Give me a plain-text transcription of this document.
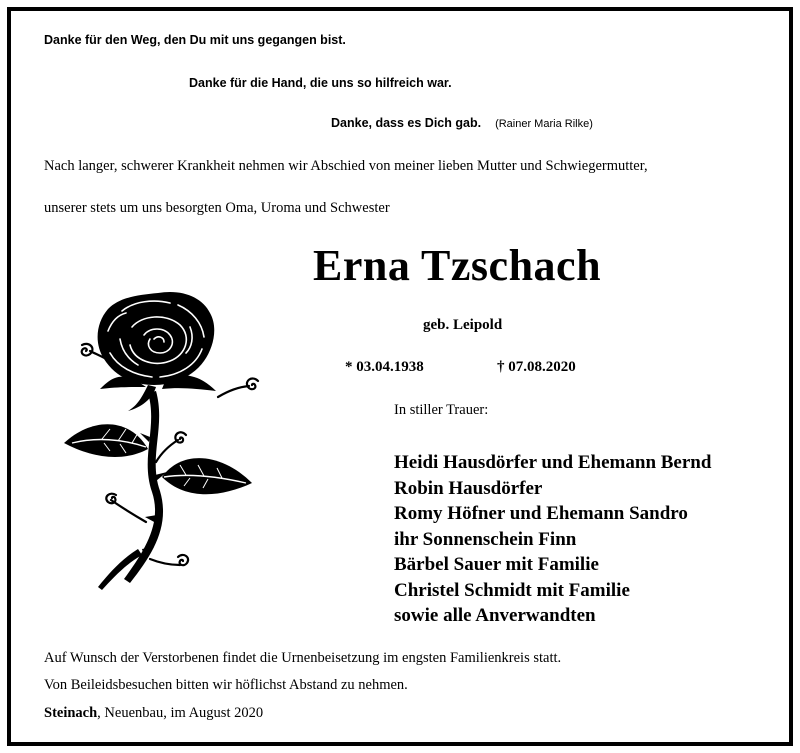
Danke für den Weg, den Du mit uns gegangen bist.
Danke für die Hand, die uns so hilfreich war.
Danke, dass es Dich gab. (Rainer Maria Rilke)
Nach langer, schwerer Krankheit nehmen wir Abschied von meiner lieben Mutter und Schwiegermutter,
unserer stets um uns besorgten Oma, Uroma und Schwester
Erna Tzschach
geb. Leipold
* 03.04.1938	† 07.08.2020
In stiller Trauer:
Heidi Hausdörfer und Ehemann Bernd
Robin Hausdörfer
Romy Höfner und Ehemann Sandro
ihr Sonnenschein Finn
Bärbel Sauer mit Familie
Christel Schmidt mit Familie
sowie alle Anverwandten
Auf Wunsch der Verstorbenen findet die Urnenbeisetzung im engsten Familienkreis statt.
Von Beileidsbesuchen bitten wir höflichst Abstand zu nehmen.
Steinach, Neuenbau, im August 2020
